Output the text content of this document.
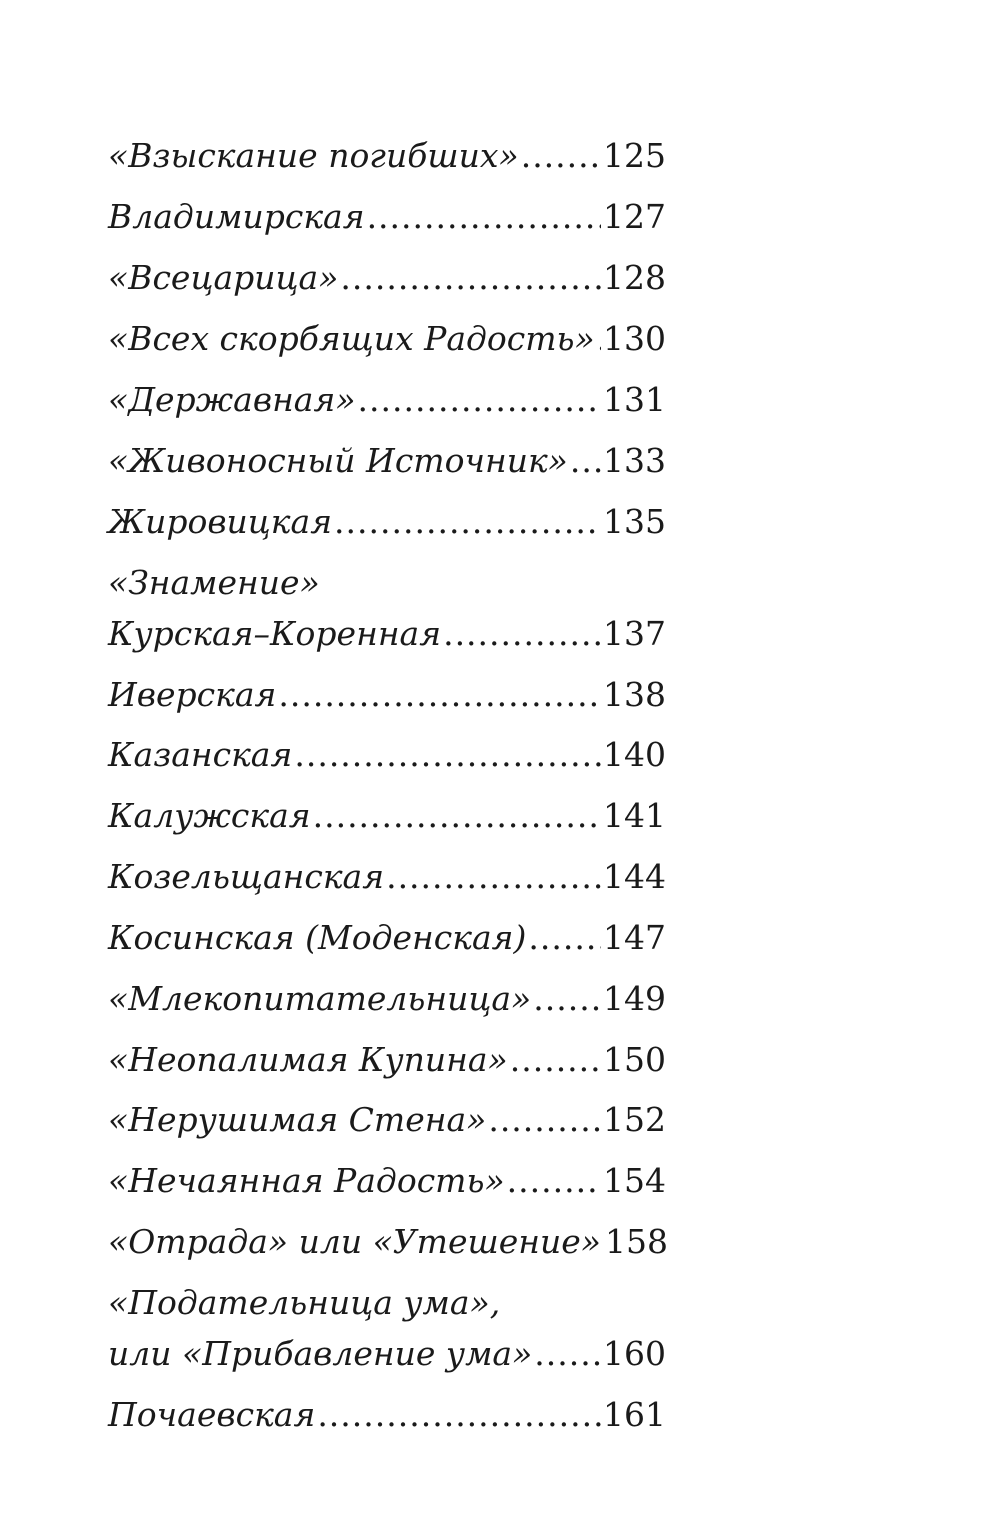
«Взыскание погибших» .....	125
Владимирская .....	127
«Всецарица» .....	128
«Всех скорбящих Радость» ..... 130
«Державная» .....	131
«Живоносный Источник» ..... 133
Жировицкая .....	135
«Знамение»
Курская–Коренная .....	137
Иверская .....	138
Казанская .....	140
Калужская .....	141
Козельщанская .....	144
Косинская (Моденская) ..... 147
«Млекопитательница» ..... 149
«Неопалимая Купина» .....	150
«Нерушимая Стена» .....	152
«Нечаянная Радость» .....	154
«Отрада» или «Утешение» 158
«Подательница ума»,
или «Прибавление ума» ..... 160
Почаевская .....	161
